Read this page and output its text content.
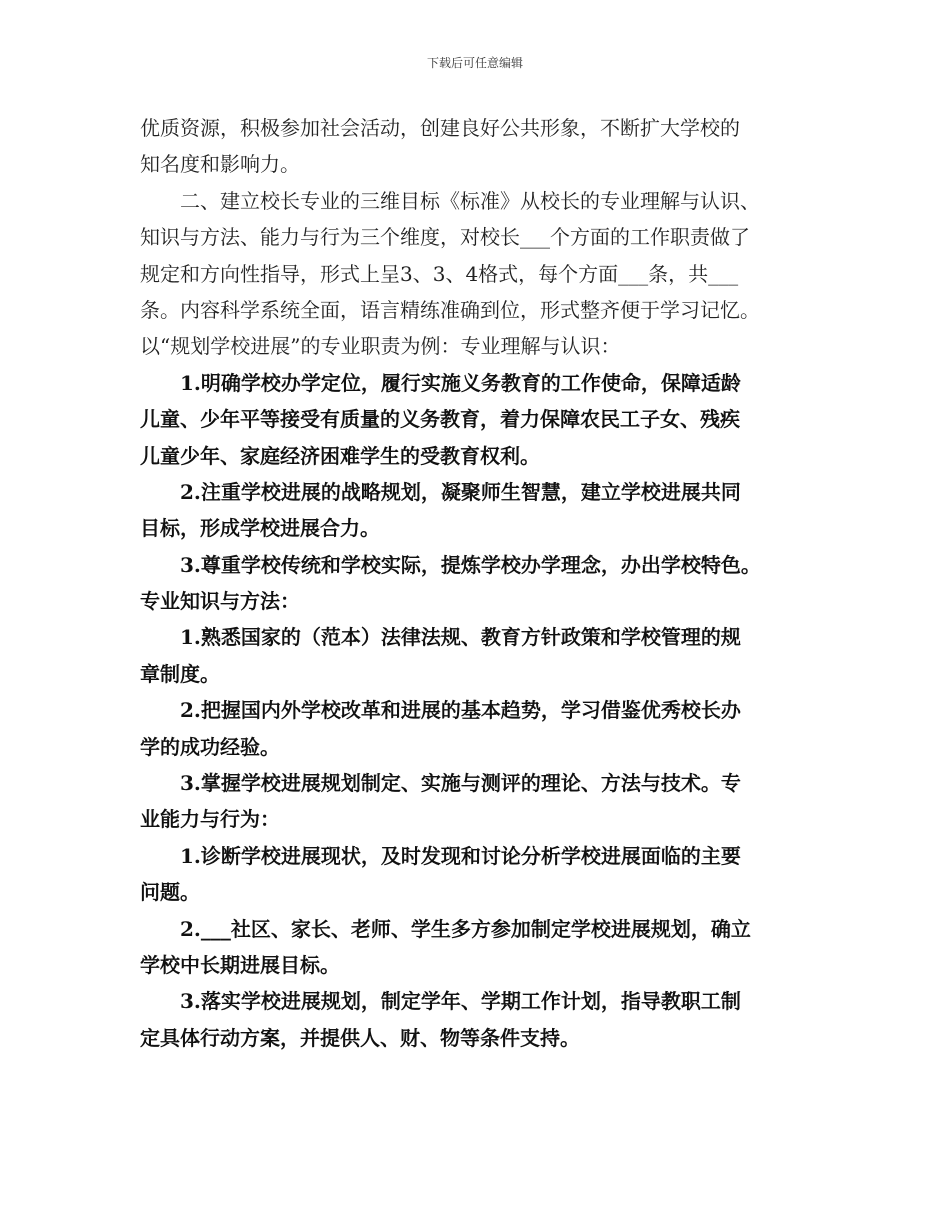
下载后可任意编辑
优质资源，积极参加社会活动，创建良好公共形象，不断扩大学校的
知名度和影响力。
二、建立校长专业的三维目标《标准》从校长的专业理解与认识、
知识与方法、能力与行为三个维度，对校长___个方面的工作职责做了
规定和方向性指导，形式上呈3、3、4格式，每个方面___条，共___
条。内容科学系统全面，语言精练准确到位，形式整齐便于学习记忆。
以“规划学校进展”的专业职责为例：专业理解与认识：
1.明确学校办学定位，履行实施义务教育的工作使命，保障适龄
儿童、少年平等接受有质量的义务教育，着力保障农民工子女、残疾
儿童少年、家庭经济困难学生的受教育权利。
2.注重学校进展的战略规划，凝聚师生智慧，建立学校进展共同
目标，形成学校进展合力。
3.尊重学校传统和学校实际，提炼学校办学理念，办出学校特色。
专业知识与方法：
1.熟悉国家的（范本）法律法规、教育方针政策和学校管理的规
章制度。
2.把握国内外学校改革和进展的基本趋势，学习借鉴优秀校长办
学的成功经验。
3.掌握学校进展规划制定、实施与测评的理论、方法与技术。专
业能力与行为：
1.诊断学校进展现状，及时发现和讨论分析学校进展面临的主要
问题。
2.___社区、家长、老师、学生多方参加制定学校进展规划，确立
学校中长期进展目标。
3.落实学校进展规划，制定学年、学期工作计划，指导教职工制
定具体行动方案，并提供人、财、物等条件支持。
